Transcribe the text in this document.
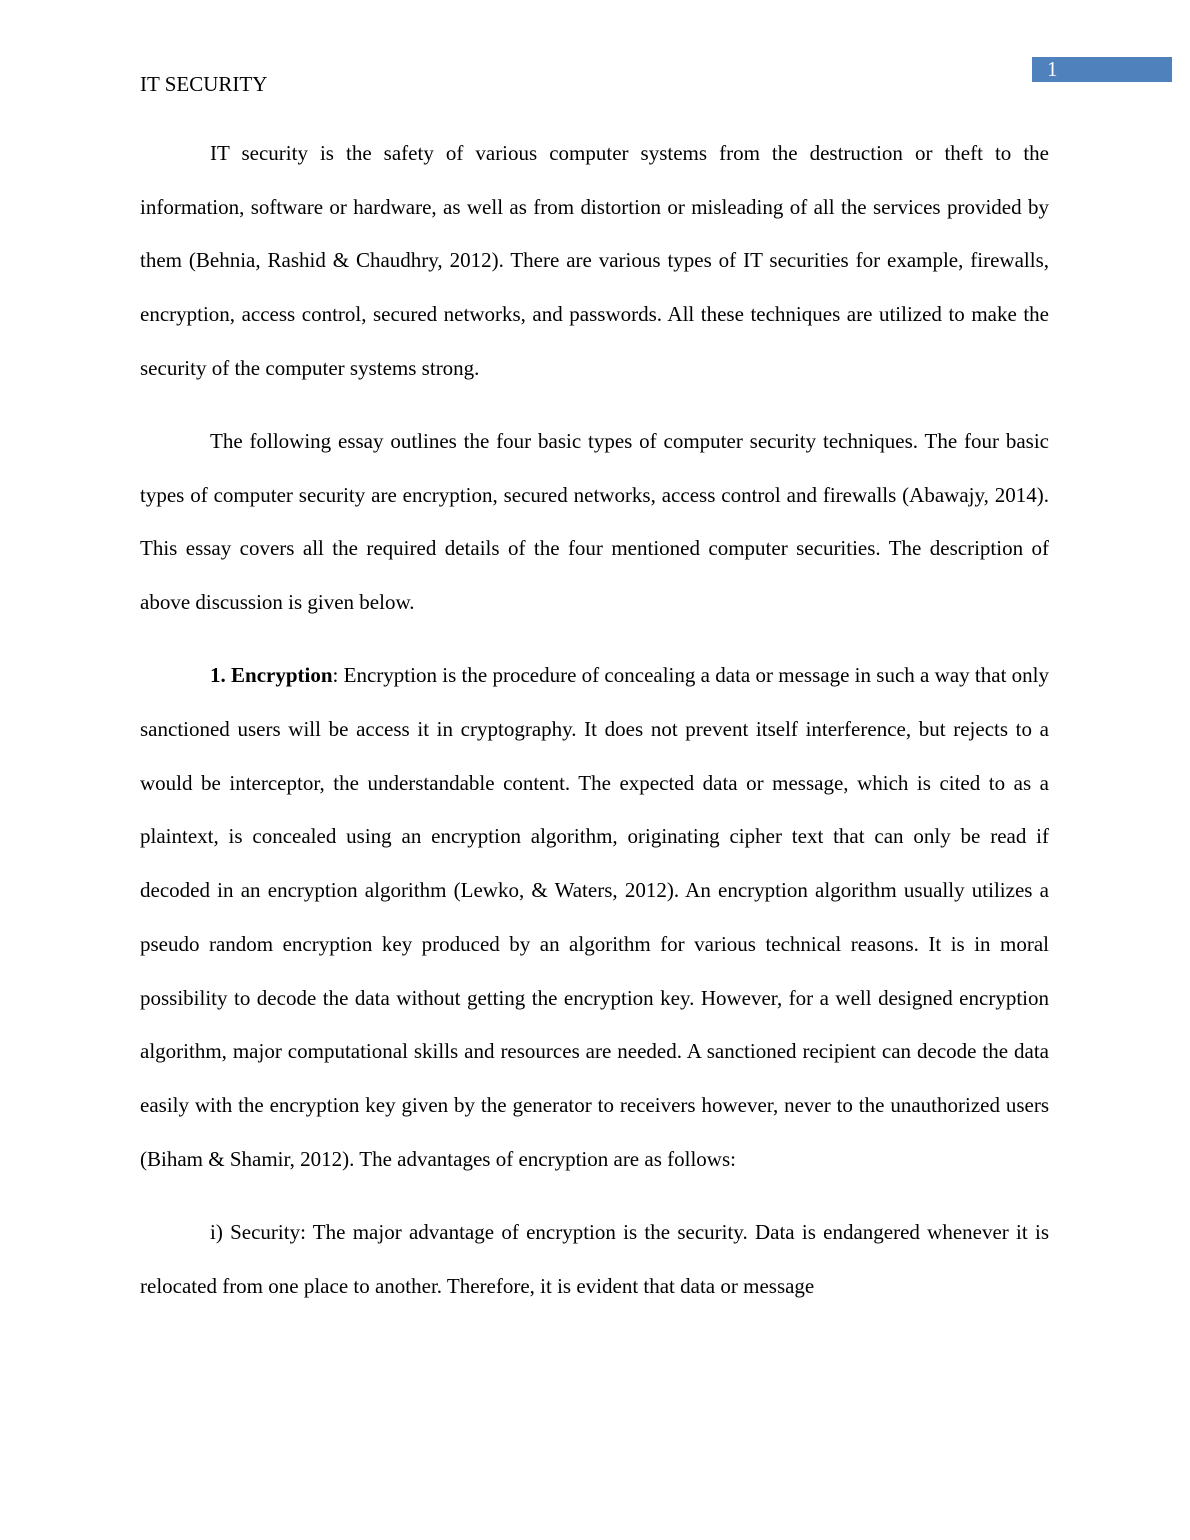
1
IT SECURITY

IT security is the safety of various computer systems from the destruction or theft to the information, software or hardware, as well as from distortion or misleading of all the services provided by them (Behnia, Rashid & Chaudhry, 2012). There are various types of IT securities for example, firewalls, encryption, access control, secured networks, and passwords. All these techniques are utilized to make the security of the computer systems strong.

The following essay outlines the four basic types of computer security techniques. The four basic types of computer security are encryption, secured networks, access control and firewalls (Abawajy, 2014). This essay covers all the required details of the four mentioned computer securities. The description of above discussion is given below.

1. Encryption: Encryption is the procedure of concealing a data or message in such a way that only sanctioned users will be access it in cryptography. It does not prevent itself interference, but rejects to a would be interceptor, the understandable content. The expected data or message, which is cited to as a plaintext, is concealed using an encryption algorithm, originating cipher text that can only be read if decoded in an encryption algorithm (Lewko, & Waters, 2012). An encryption algorithm usually utilizes a pseudo random encryption key produced by an algorithm for various technical reasons. It is in moral possibility to decode the data without getting the encryption key. However, for a well designed encryption algorithm, major computational skills and resources are needed. A sanctioned recipient can decode the data easily with the encryption key given by the generator to receivers however, never to the unauthorized users (Biham & Shamir, 2012). The advantages of encryption are as follows:

i) Security: The major advantage of encryption is the security. Data is endangered whenever it is relocated from one place to another. Therefore, it is evident that data or message
